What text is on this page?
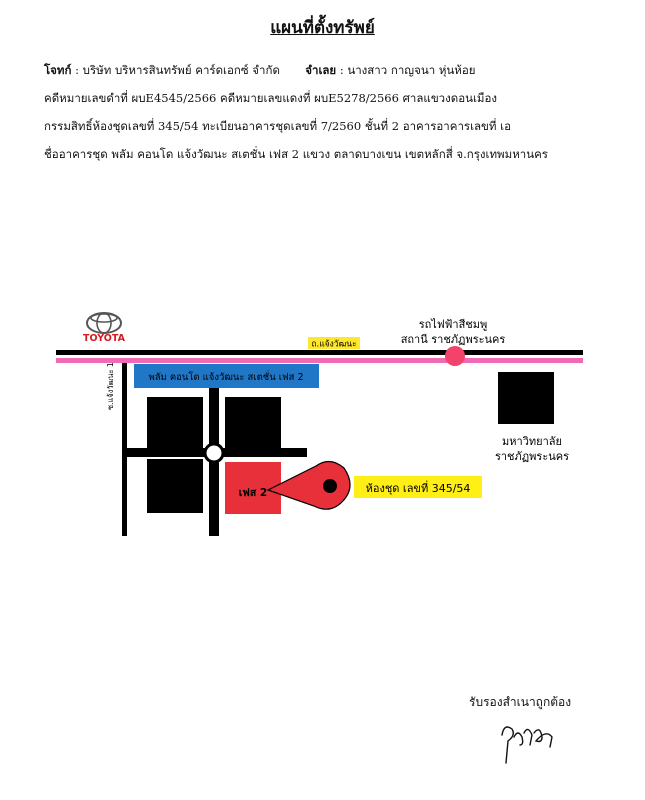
แผนที่ตั้งทรัพย์
โจทก์ : บริษัท บริหารสินทรัพย์ คาร์ดเอกซ์ จำกัด จำเลย : นางสาว กาญจนา หุ่นห้อย
คดีหมายเลขดำที่ ผบE4545/2566 คดีหมายเลขแดงที่ ผบE5278/2566 ศาลแขวงดอนเมือง
กรรมสิทธิ์ห้องชุดเลขที่ 345/54 ทะเบียนอาคารชุดเลขที่ 7/2560 ชั้นที่ 2 อาคารอาคารเลขที่ เอ
ชื่ออาคารชุด พลัม คอนโด แจ้งวัฒนะ สเตชั่น เฟส 2 แขวง ตลาดบางเขน เขตหลักสี่ จ.กรุงเทพมหานคร
TOYOTA
ถ.แจ้งวัฒนะ
รถไฟฟ้าสีชมพู
สถานี ราชภัฏพระนคร
ซ.แจ้งวัฒนะ 1	พลัม คอนโด แจ้งวัฒนะ สเตชั่น เฟส 2
เฟส 2
มหาวิทยาลัย
ราชภัฏพระนคร
ห้องชุด เลขที่ 345/54
รับรองสำเนาถูกต้อง
ศุภชัย
